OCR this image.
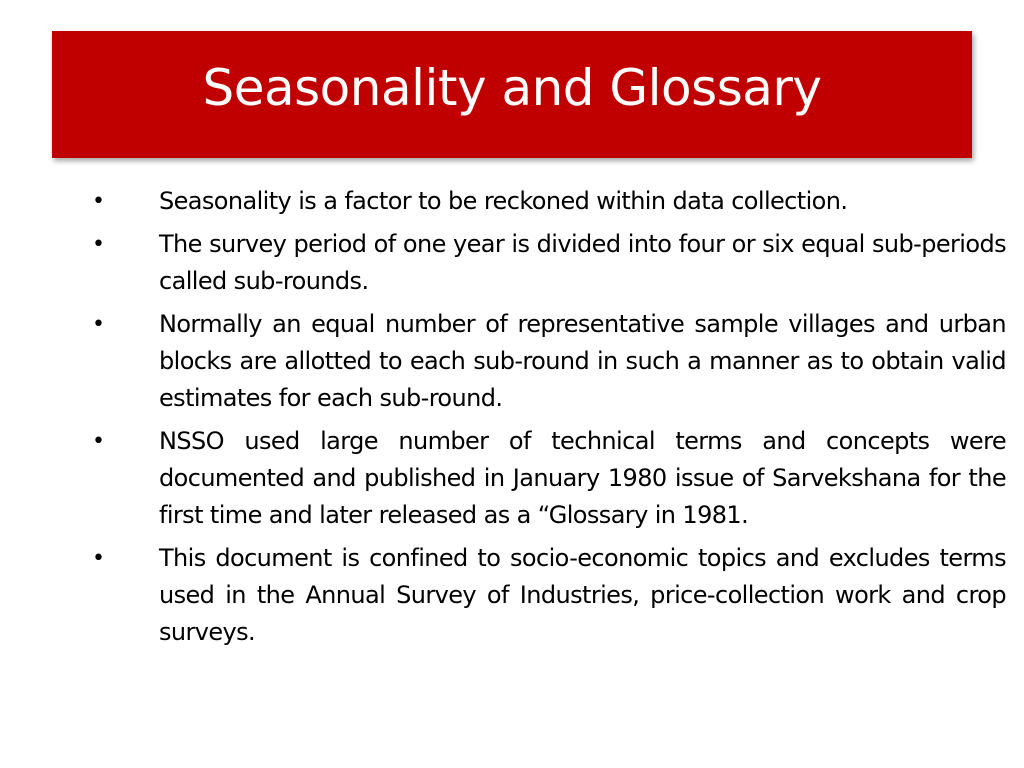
Seasonality and Glossary
• Seasonality is a factor to be reckoned within data collection.
• The survey period of one year is divided into four or six equal sub-periods called sub-rounds.
• Normally an equal number of representative sample villages and urban blocks are allotted to each sub-round in such a manner as to obtain valid estimates for each sub-round.
• NSSO used large number of technical terms and concepts were documented and published in January 1980 issue of Sarvekshana for the first time and later released as a “Glossary in 1981.
• This document is confined to socio-economic topics and excludes terms used in the Annual Survey of Industries, price-collection work and crop surveys.
